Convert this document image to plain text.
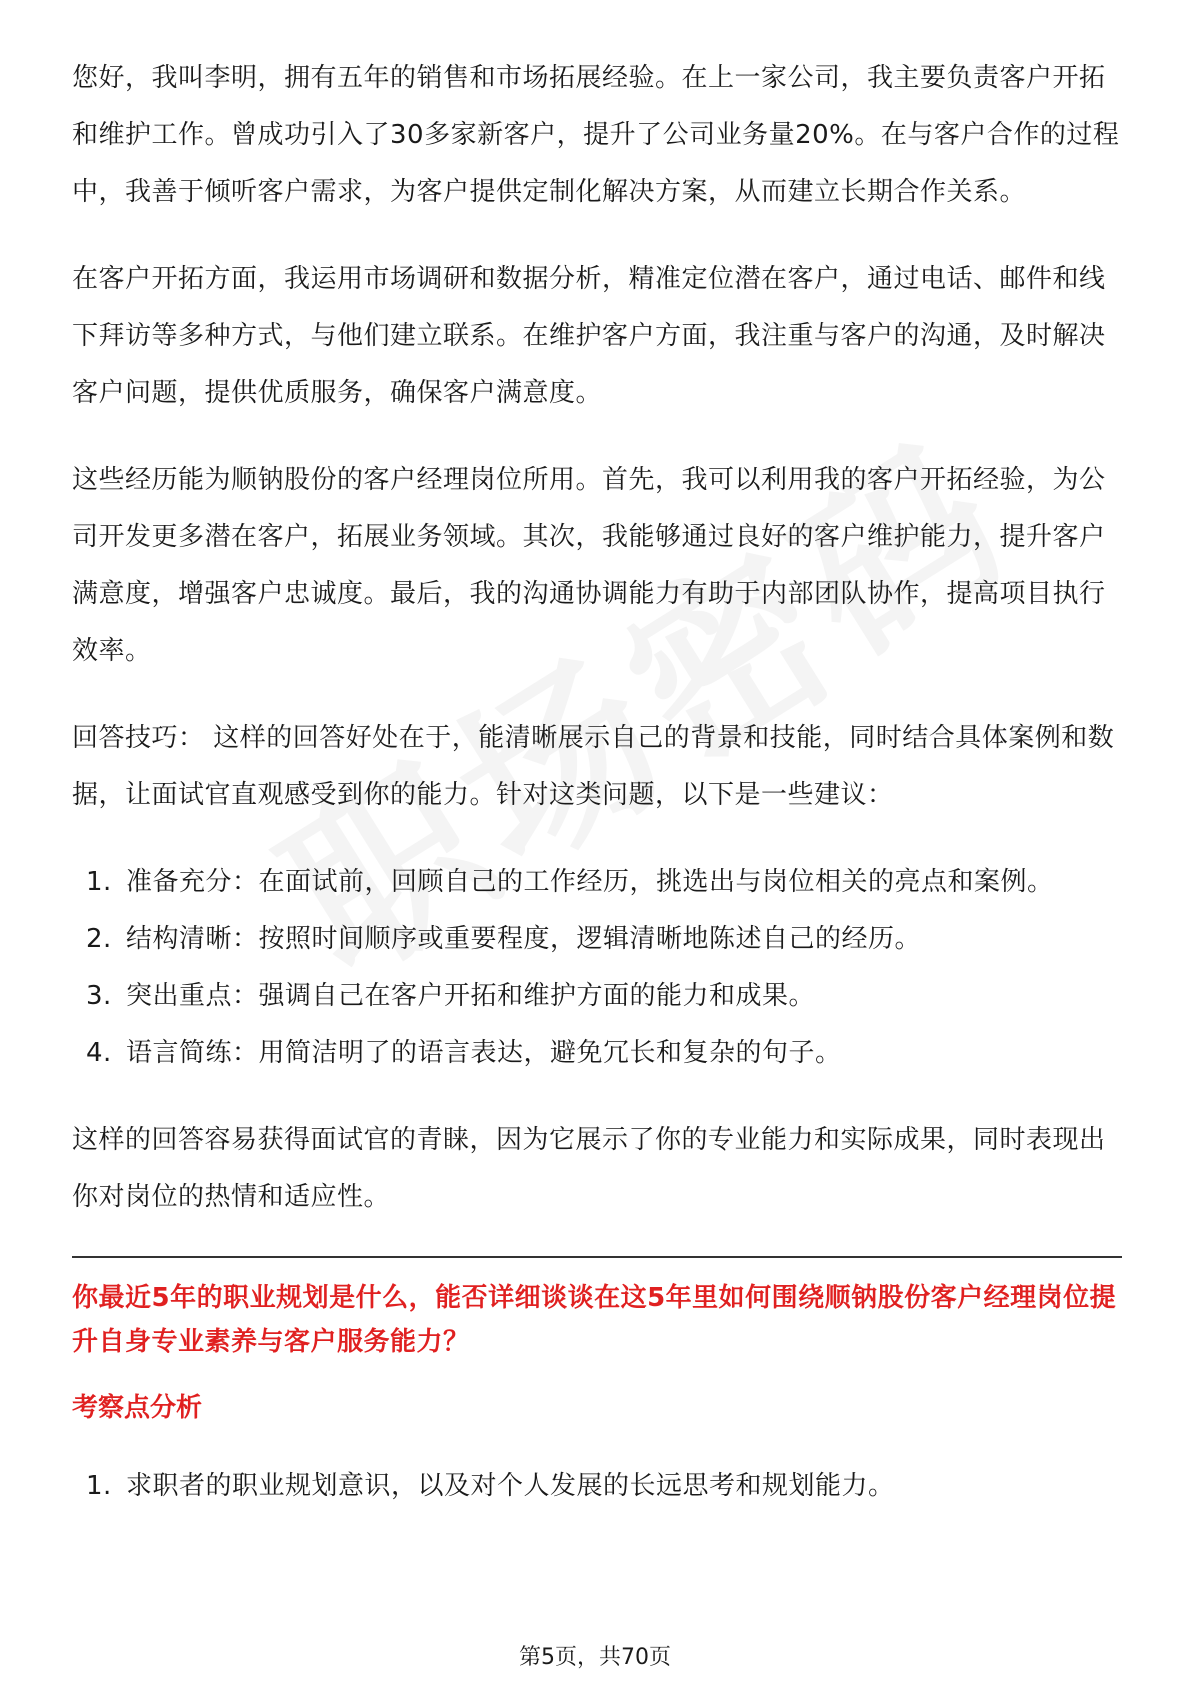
您好，我叫李明，拥有五年的销售和市场拓展经验。在上一家公司，我主要负责客户开拓和维护工作。曾成功引入了30多家新客户，提升了公司业务量20%。在与客户合作的过程中，我善于倾听客户需求，为客户提供定制化解决方案，从而建立长期合作关系。

在客户开拓方面，我运用市场调研和数据分析，精准定位潜在客户，通过电话、邮件和线下拜访等多种方式，与他们建立联系。在维护客户方面，我注重与客户的沟通，及时解决客户问题，提供优质服务，确保客户满意度。

这些经历能为顺钠股份的客户经理岗位所用。首先，我可以利用我的客户开拓经验，为公司开发更多潜在客户，拓展业务领域。其次，我能够通过良好的客户维护能力，提升客户满意度，增强客户忠诚度。最后，我的沟通协调能力有助于内部团队协作，提高项目执行效率。

回答技巧： 这样的回答好处在于，能清晰展示自己的背景和技能，同时结合具体案例和数据，让面试官直观感受到你的能力。针对这类问题，以下是一些建议：

1. 准备充分：在面试前，回顾自己的工作经历，挑选出与岗位相关的亮点和案例。
2. 结构清晰：按照时间顺序或重要程度，逻辑清晰地陈述自己的经历。
3. 突出重点：强调自己在客户开拓和维护方面的能力和成果。
4. 语言简练：用简洁明了的语言表达，避免冗长和复杂的句子。

这样的回答容易获得面试官的青睐，因为它展示了你的专业能力和实际成果，同时表现出你对岗位的热情和适应性。

你最近5年的职业规划是什么，能否详细谈谈在这5年里如何围绕顺钠股份客户经理岗位提升自身专业素养与客户服务能力？
考察点分析
1. 求职者的职业规划意识，以及对个人发展的长远思考和规划能力。
第5页，共70页
